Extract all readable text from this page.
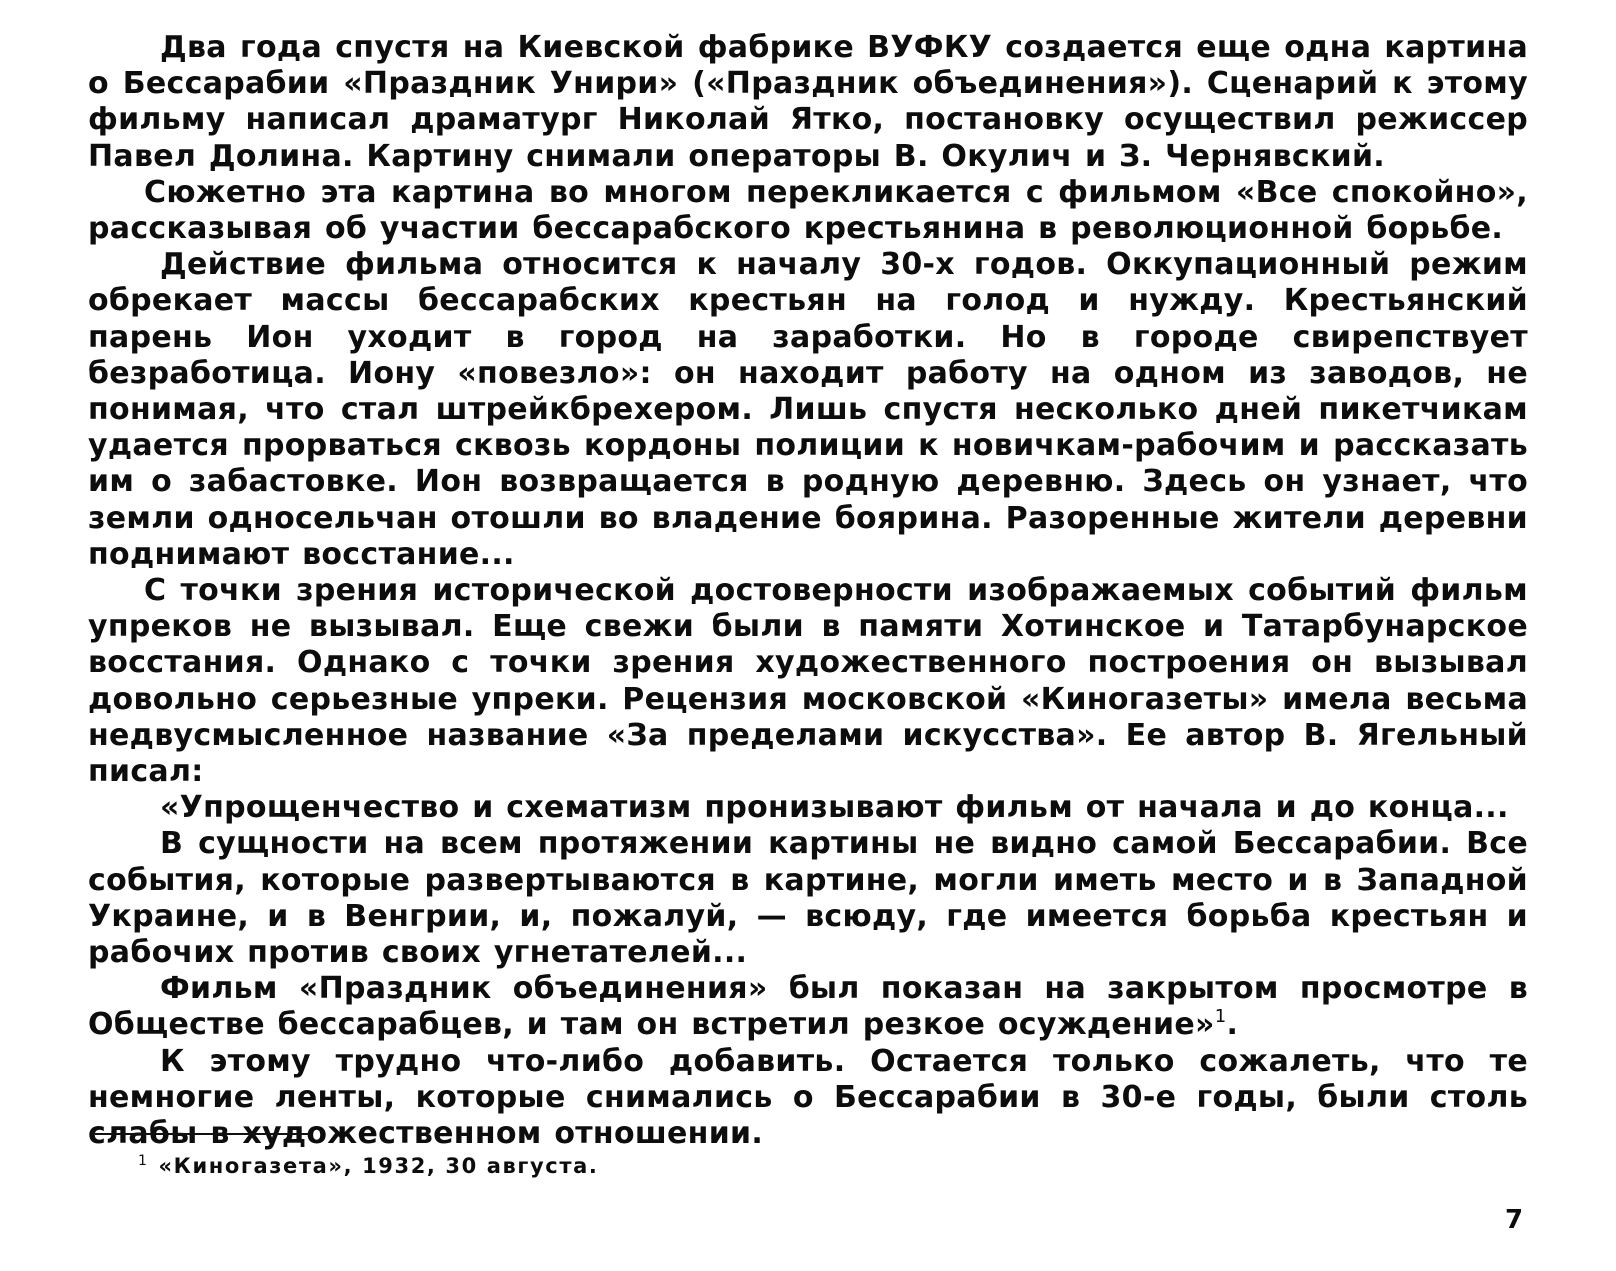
Два года спустя на Киевской фабрике ВУФКУ создается еще одна картина о Бессарабии «Праздник Унири» («Праздник объединения»). Сценарий к этому фильму написал драматург Николай Ятко, постановку осуществил режиссер Павел Долина. Картину снимали операторы В. Окулич и З. Чернявский.

Сюжетно эта картина во многом перекликается с фильмом «Все спокойно», рассказывая об участии бессарабского крестьянина в революционной борьбе.

Действие фильма относится к началу 30-х годов. Оккупационный режим обрекает массы бессарабских крестьян на голод и нужду. Крестьянский парень Ион уходит в город на заработки. Но в городе свирепствует безработица. Иону «повезло»: он находит работу на одном из заводов, не понимая, что стал штрейкбрехером. Лишь спустя несколько дней пикетчикам удается прорваться сквозь кордоны полиции к новичкам-рабочим и рассказать им о забастовке. Ион возвращается в родную деревню. Здесь он узнает, что земли односельчан отошли во владение боярина. Разоренные жители деревни поднимают восстание...

С точки зрения исторической достоверности изображаемых событий фильм упреков не вызывал. Еще свежи были в памяти Хотинское и Татарбунарское восстания. Однако с точки зрения художественного построения он вызывал довольно серьезные упреки. Рецензия московской «Киногазеты» имела весьма недвусмысленное название «За пределами искусства». Ее автор В. Ягельный писал:

«Упрощенчество и схематизм пронизывают фильм от начала и до конца...

В сущности на всем протяжении картины не видно самой Бессарабии. Все события, которые развертываются в картине, могли иметь место и в Западной Украине, и в Венгрии, и, пожалуй, — всюду, где имеется борьба крестьян и рабочих против своих угнетателей...

Фильм «Праздник объединения» был показан на закрытом просмотре в Обществе бессарабцев, и там он встретил резкое осуждение»$^1$.

К этому трудно что-либо добавить. Остается только сожалеть, что те немногие ленты, которые снимались о Бессарабии в 30-е годы, были столь слабы в художественном отношении.

$^1$ «Киногазета», 1932, 30 августа.
7
